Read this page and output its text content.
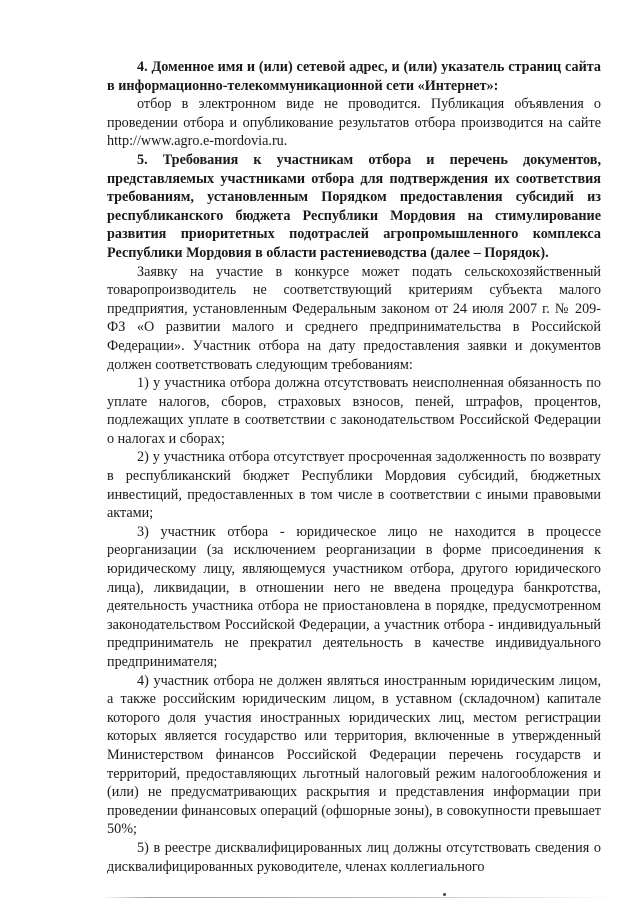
4. Доменное имя и (или) сетевой адрес, и (или) указатель страниц сайта в информационно-телекоммуникационной сети «Интернет»:

отбор в электронном виде не проводится. Публикация объявления о проведении отбора и опубликование результатов отбора производится на сайте http://www.agro.e-mordovia.ru.

5. Требования к участникам отбора и перечень документов, представляемых участниками отбора для подтверждения их соответствия требованиям, установленным Порядком предоставления субсидий из республиканского бюджета Республики Мордовия на стимулирование развития приоритетных подотраслей агропромышленного комплекса Республики Мордовия в области растениеводства (далее – Порядок).

Заявку на участие в конкурсе может подать сельскохозяйственный товаропроизводитель не соответствующий критериям субъекта малого предприятия, установленным Федеральным законом от 24 июля 2007 г. № 209-ФЗ «О развитии малого и среднего предпринимательства в Российской Федерации». Участник отбора на дату предоставления заявки и документов должен соответствовать следующим требованиям:

1) у участника отбора должна отсутствовать неисполненная обязанность по уплате налогов, сборов, страховых взносов, пеней, штрафов, процентов, подлежащих уплате в соответствии с законодательством Российской Федерации о налогах и сборах;

2) у участника отбора отсутствует просроченная задолженность по возврату в республиканский бюджет Республики Мордовия субсидий, бюджетных инвестиций, предоставленных в том числе в соответствии с иными правовыми актами;

3) участник отбора - юридическое лицо не находится в процессе реорганизации (за исключением реорганизации в форме присоединения к юридическому лицу, являющемуся участником отбора, другого юридического лица), ликвидации, в отношении него не введена процедура банкротства, деятельность участника отбора не приостановлена в порядке, предусмотренном законодательством Российской Федерации, а участник отбора - индивидуальный предприниматель не прекратил деятельность в качестве индивидуального предпринимателя;

4) участник отбора не должен являться иностранным юридическим лицом, а также российским юридическим лицом, в уставном (складочном) капитале которого доля участия иностранных юридических лиц, местом регистрации которых является государство или территория, включенные в утвержденный Министерством финансов Российской Федерации перечень государств и территорий, предоставляющих льготный налоговый режим налогообложения и (или) не предусматривающих раскрытия и представления информации при проведении финансовых операций (офшорные зоны), в совокупности превышает 50%;

5) в реестре дисквалифицированных лиц должны отсутствовать сведения о дисквалифицированных руководителе, членах коллегиального
